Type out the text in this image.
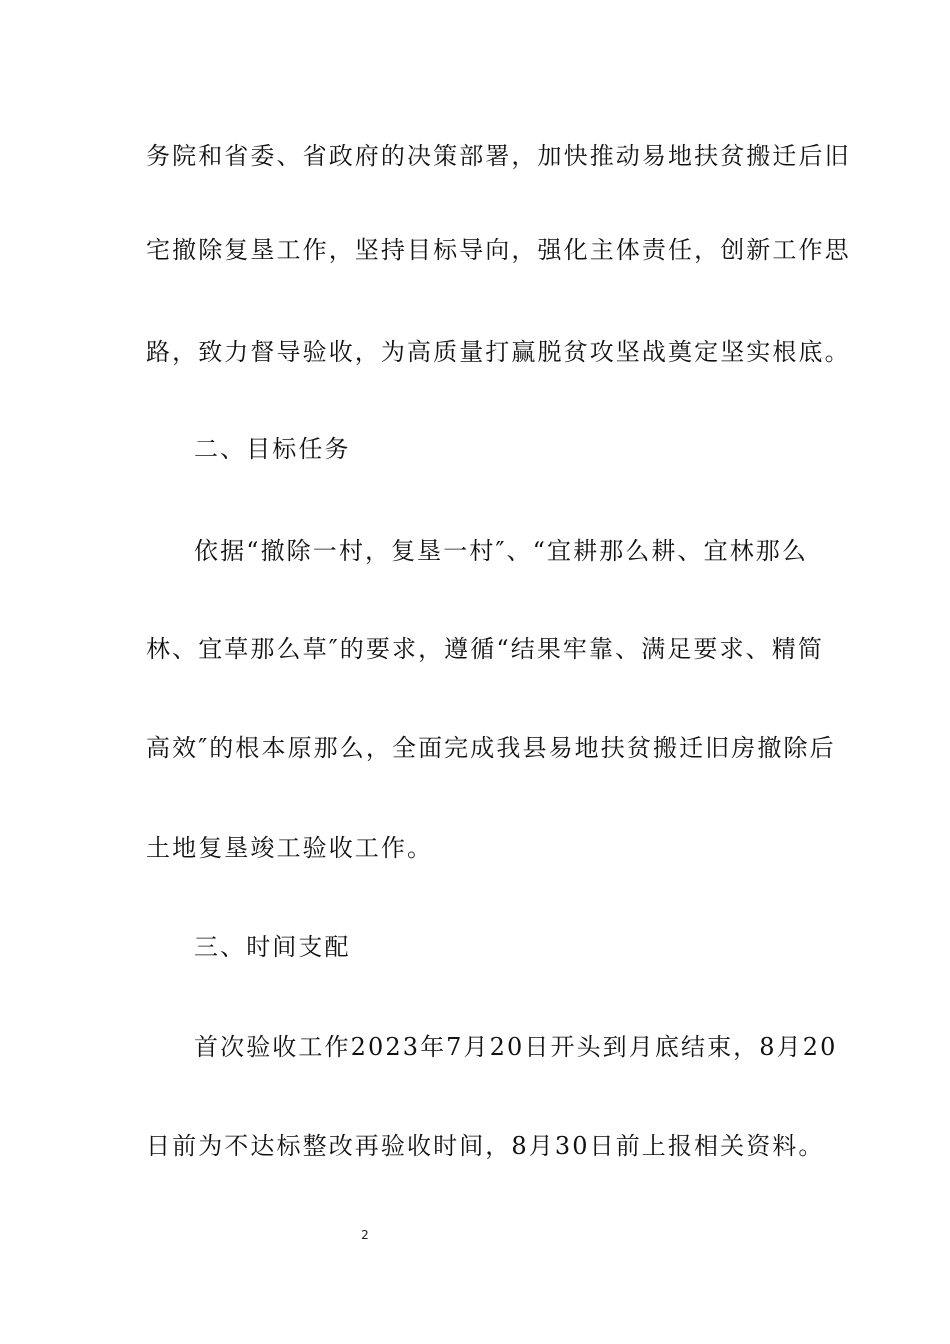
务院和省委、省政府的决策部署，加快推动易地扶贫搬迁后旧
宅撤除复垦工作，坚持目标导向，强化主体责任，创新工作思
路，致力督导验收，为高质量打赢脱贫攻坚战奠定坚实根底。
二、目标任务
依据“撤除一村，复垦一村″、“宜耕那么耕、宜林那么
林、宜草那么草″的要求，遵循“结果牢靠、满足要求、精简
高效″的根本原那么，全面完成我县易地扶贫搬迁旧房撤除后
土地复垦竣工验收工作。
三、时间支配
首次验收工作2023年7月20日开头到月底结束，8月20
日前为不达标整改再验收时间，8月30日前上报相关资料。
2
